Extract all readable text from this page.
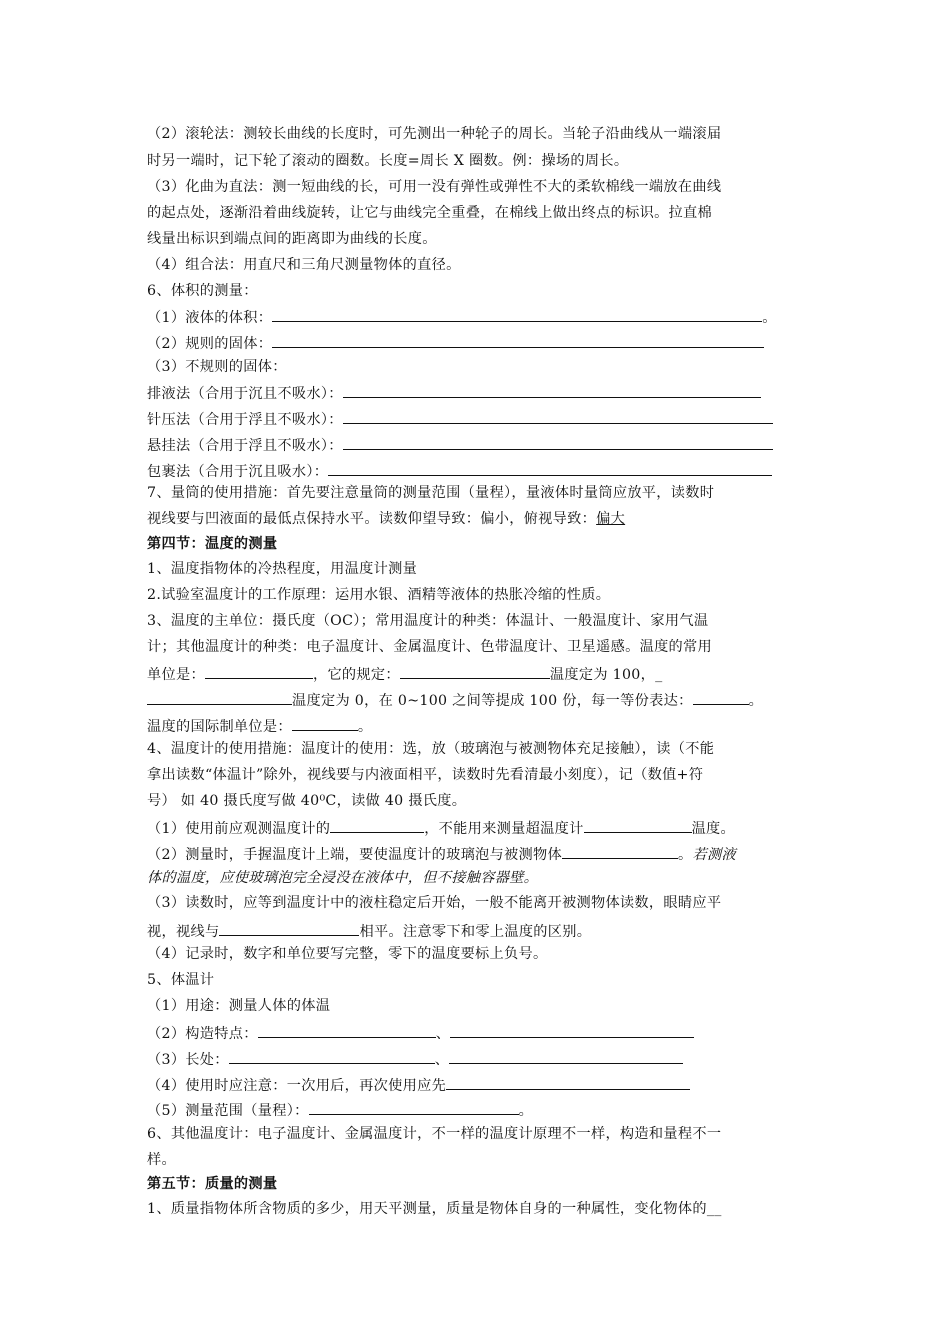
（2）滚轮法：测较长曲线的长度时，可先测出一种轮子的周长。当轮子沿曲线从一端滚届
时另一端时，记下轮了滚动的圈数。长度=周长 X 圈数。例：操场的周长。
（3）化曲为直法：测一短曲线的长，可用一没有弹性或弹性不大的柔软棉线一端放在曲线
的起点处，逐渐沿着曲线旋转，让它与曲线完全重叠，在棉线上做出终点的标识。拉直棉
线量出标识到端点间的距离即为曲线的长度。
（4）组合法：用直尺和三角尺测量物体的直径。
6、体积的测量：
（1）液体的体积：	。
（2）规则的固体：
（3）不规则的固体：
排液法（合用于沉且不吸水）：
针压法（合用于浮且不吸水）：
悬挂法（合用于浮且不吸水）：
包裹法（合用于沉且吸水）：
7、量筒的使用措施：首先要注意量筒的测量范围（量程），量液体时量筒应放平，读数时
视线要与凹液面的最低点保持水平。读数仰望导致：偏小，俯视导致：偏大
第四节：温度的测量
1、温度指物体的冷热程度，用温度计测量
2.试验室温度计的工作原理：运用水银、酒精等液体的热胀冷缩的性质。
3、温度的主单位：摄氏度（OC）；常用温度计的种类：体温计、一般温度计、家用气温
计；其他温度计的种类：电子温度计、金属温度计、色带温度计、卫星遥感。温度的常用
单位是：	，它的规定：	温度定为 100，_
温度定为 0，在 0~100 之间等提成 100 份，每一等份表达：	。
温度的国际制单位是：	。
4、温度计的使用措施：温度计的使用：选，放（玻璃泡与被测物体充足接触），读（不能
拿出读数“体温计”除外，视线要与内液面相平，读数时先看清最小刻度），记（数值+符
号） 如 40 摄氏度写做 40⁰C，读做 40 摄氏度。
（1）使用前应观测温度计的	，不能用来测量超温度计	温度。
（2）测量时，手握温度计上端，要使温度计的玻璃泡与被测物体	。若测液
体的温度，应使玻璃泡完全浸没在液体中，但不接触容器壁。
（3）读数时，应等到温度计中的液柱稳定后开始，一般不能离开被测物体读数，眼睛应平
视，视线与	相平。注意零下和零上温度的区别。
（4）记录时，数字和单位要写完整，零下的温度要标上负号。
5、体温计
（1）用途：测量人体的体温
（2）构造特点：	、
（3）长处：	、
（4）使用时应注意：一次用后，再次使用应先
（5）测量范围（量程）：	。
6、其他温度计：电子温度计、金属温度计，不一样的温度计原理不一样，构造和量程不一
样。
第五节：质量的测量
1、质量指物体所含物质的多少，用天平测量，质量是物体自身的一种属性，变化物体的__
